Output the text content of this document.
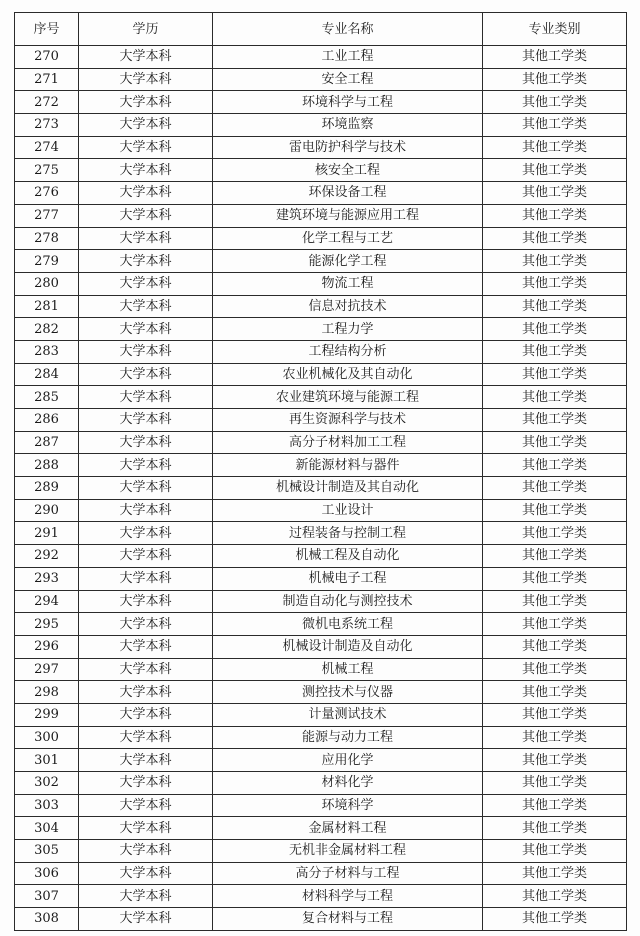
序号	学历	专业名称	专业类别
270	大学本科	工业工程	其他工学类
271	大学本科	安全工程	其他工学类
272	大学本科	环境科学与工程	其他工学类
273	大学本科	环境监察	其他工学类
274	大学本科	雷电防护科学与技术	其他工学类
275	大学本科	核安全工程	其他工学类
276	大学本科	环保设备工程	其他工学类
277	大学本科	建筑环境与能源应用工程	其他工学类
278	大学本科	化学工程与工艺	其他工学类
279	大学本科	能源化学工程	其他工学类
280	大学本科	物流工程	其他工学类
281	大学本科	信息对抗技术	其他工学类
282	大学本科	工程力学	其他工学类
283	大学本科	工程结构分析	其他工学类
284	大学本科	农业机械化及其自动化	其他工学类
285	大学本科	农业建筑环境与能源工程	其他工学类
286	大学本科	再生资源科学与技术	其他工学类
287	大学本科	高分子材料加工工程	其他工学类
288	大学本科	新能源材料与器件	其他工学类
289	大学本科	机械设计制造及其自动化	其他工学类
290	大学本科	工业设计	其他工学类
291	大学本科	过程装备与控制工程	其他工学类
292	大学本科	机械工程及自动化	其他工学类
293	大学本科	机械电子工程	其他工学类
294	大学本科	制造自动化与测控技术	其他工学类
295	大学本科	微机电系统工程	其他工学类
296	大学本科	机械设计制造及自动化	其他工学类
297	大学本科	机械工程	其他工学类
298	大学本科	测控技术与仪器	其他工学类
299	大学本科	计量测试技术	其他工学类
300	大学本科	能源与动力工程	其他工学类
301	大学本科	应用化学	其他工学类
302	大学本科	材料化学	其他工学类
303	大学本科	环境科学	其他工学类
304	大学本科	金属材料工程	其他工学类
305	大学本科	无机非金属材料工程	其他工学类
306	大学本科	高分子材料与工程	其他工学类
307	大学本科	材料科学与工程	其他工学类
308	大学本科	复合材料与工程	其他工学类
